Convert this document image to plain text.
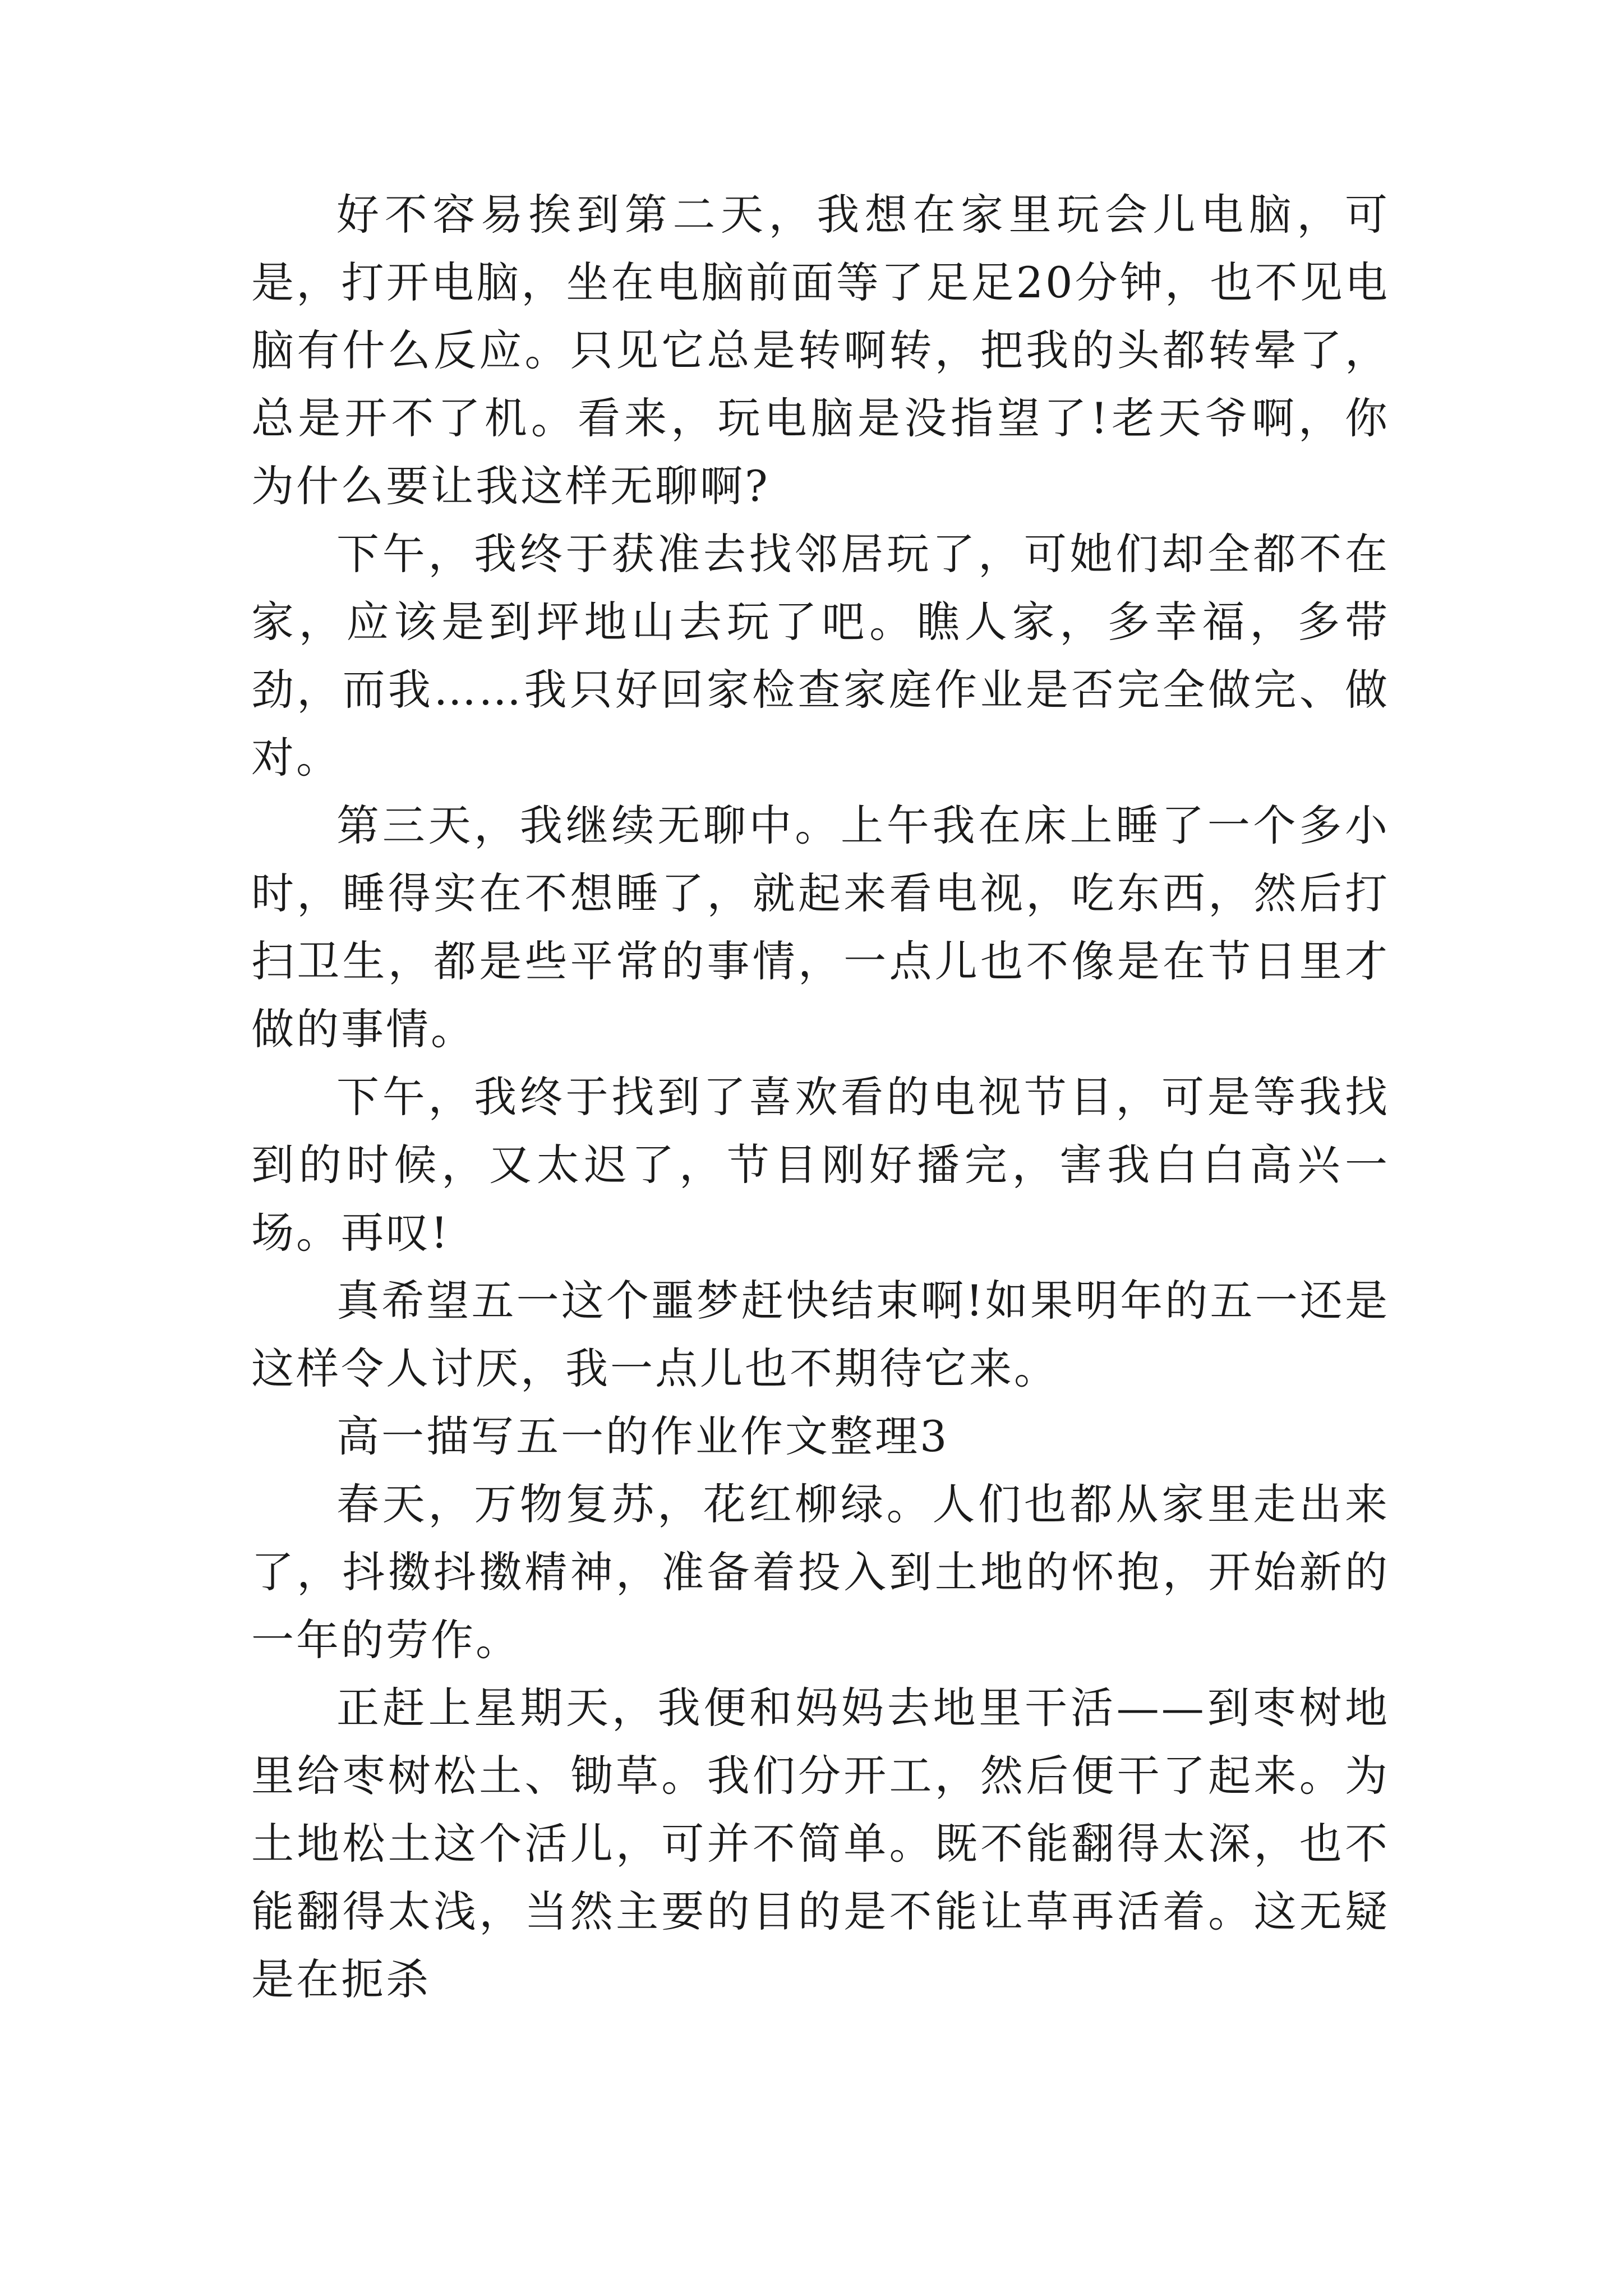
好不容易挨到第二天，我想在家里玩会儿电脑，可是，打开电脑，坐在电脑前面等了足足20分钟，也不见电脑有什么反应。只见它总是转啊转，把我的头都转晕了，总是开不了机。看来，玩电脑是没指望了!老天爷啊，你为什么要让我这样无聊啊?

下午，我终于获准去找邻居玩了，可她们却全都不在家，应该是到坪地山去玩了吧。瞧人家，多幸福，多带劲，而我……我只好回家检查家庭作业是否完全做完、做对。

第三天，我继续无聊中。上午我在床上睡了一个多小时，睡得实在不想睡了，就起来看电视，吃东西，然后打扫卫生，都是些平常的事情，一点儿也不像是在节日里才做的事情。

下午，我终于找到了喜欢看的电视节目，可是等我找到的时候，又太迟了，节目刚好播完，害我白白高兴一场。再叹!

真希望五一这个噩梦赶快结束啊!如果明年的五一还是这样令人讨厌，我一点儿也不期待它来。

高一描写五一的作业作文整理3

春天，万物复苏，花红柳绿。人们也都从家里走出来了，抖擞抖擞精神，准备着投入到土地的怀抱，开始新的一年的劳作。

正赶上星期天，我便和妈妈去地里干活——到枣树地里给枣树松土、锄草。我们分开工，然后便干了起来。为土地松土这个活儿，可并不简单。既不能翻得太深，也不能翻得太浅，当然主要的目的是不能让草再活着。这无疑是在扼杀
